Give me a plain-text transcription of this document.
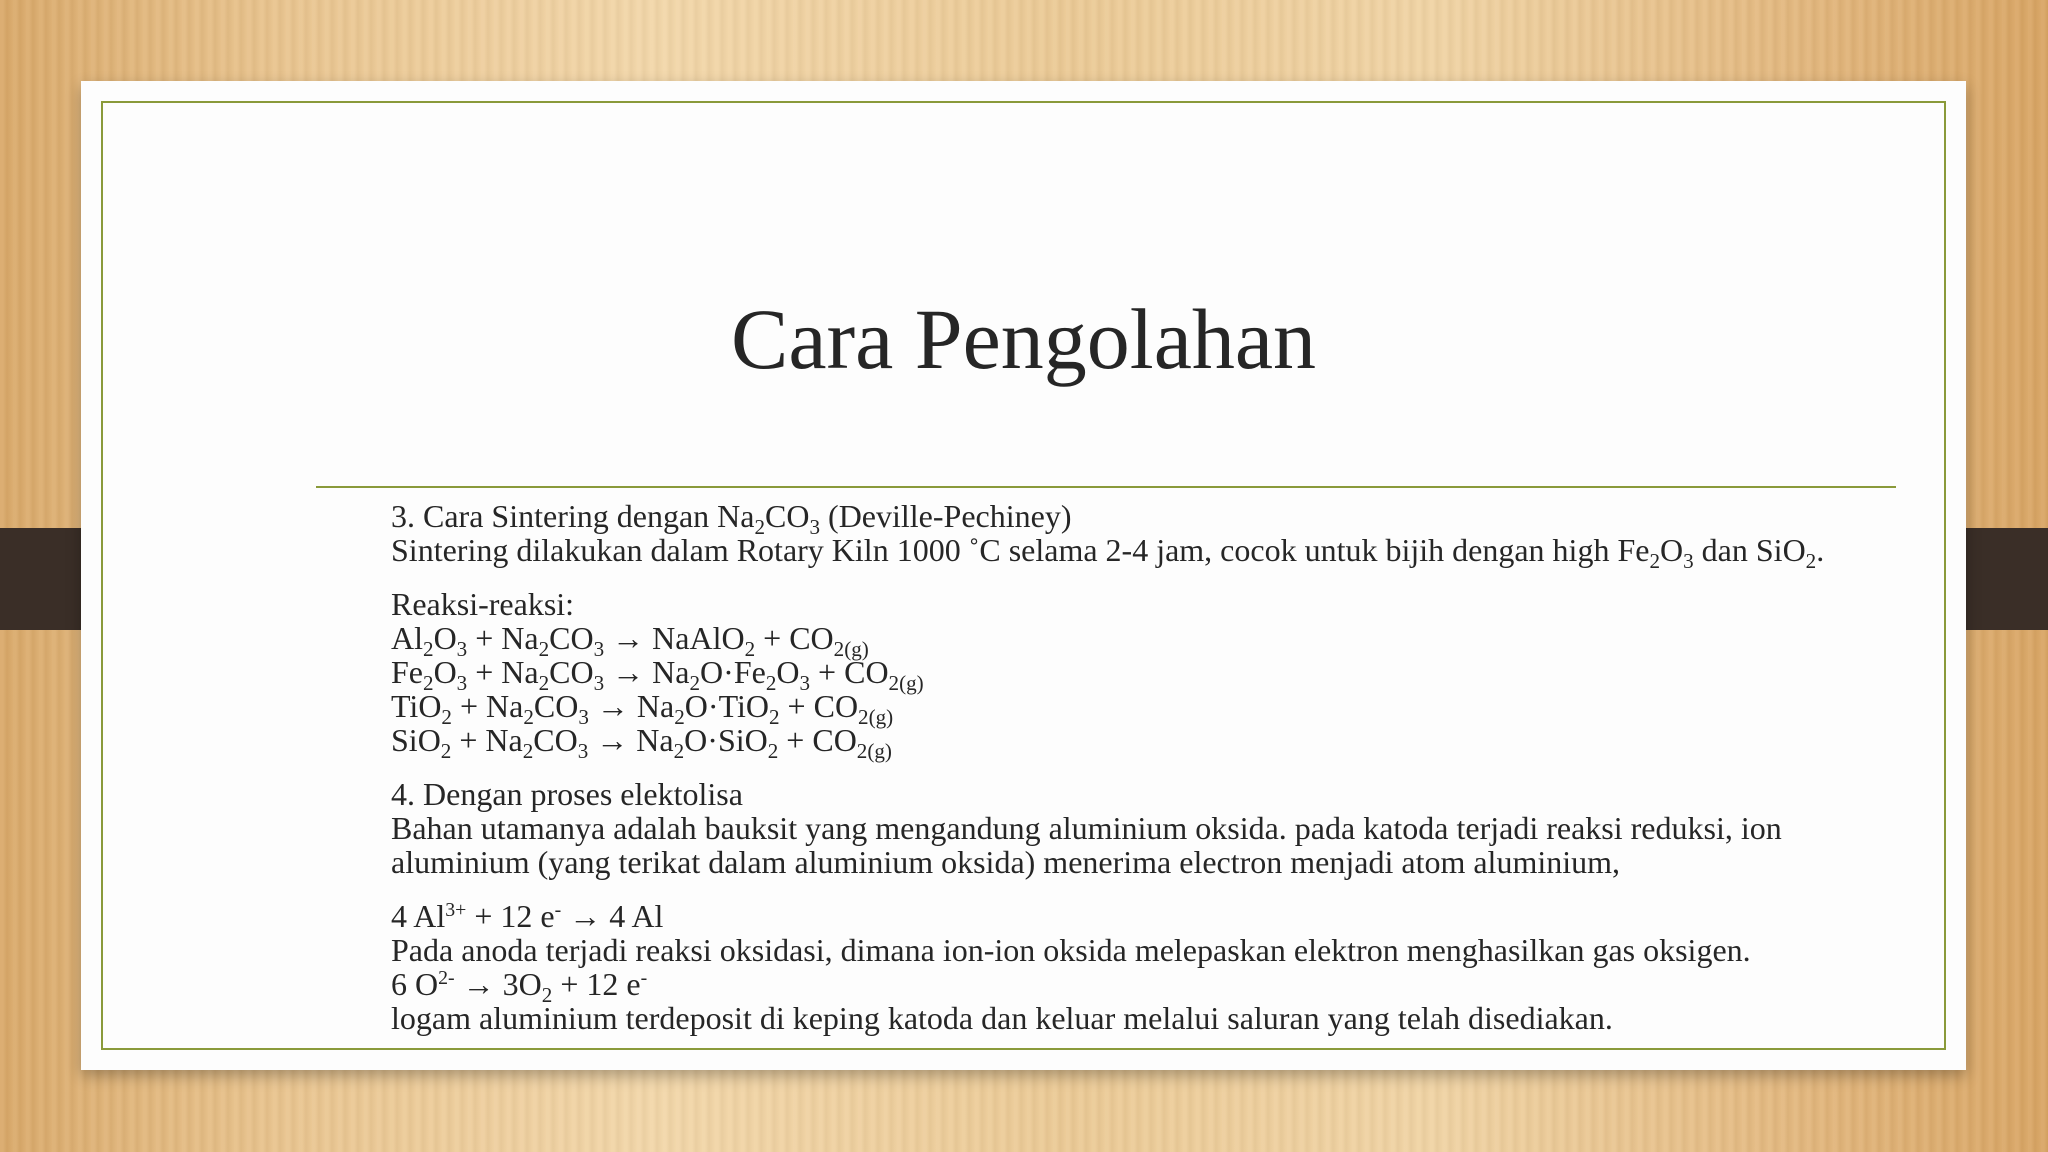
Cara Pengolahan

3. Cara Sintering dengan $Na_2CO_3$ (Deville-Pechiney)

Sintering dilakukan dalam Rotary Kiln 1000 ˚C selama 2-4 jam, cocok untuk bijih dengan high $Fe_2O_3$ dan SiO$_2$.

Reaksi-reaksi:

$Al_2O_3 + Na_2CO_3$ → NaAlO$_2$ + $CO_{2(g)}$

$Fe_2O_3 + Na_2CO_3 \to Na_2O\cdot Fe_2O_3 + CO_{2(g)}$

$TiO_2 + Na_2CO_3 \to Na_2O\cdot TiO_2 + CO_{2(g)}$

$SiO_2 + Na_2CO_3 \to Na_2O\cdot SiO_2 + CO_{2(g)}$

4. Dengan proses elektolisa

Bahan utamanya adalah bauksit yang mengandung aluminium oksida. pada katoda terjadi reaksi reduksi, ion aluminium (yang terikat dalam aluminium oksida) menerima electron menjadi atom aluminium,

4 $Al^{3+} + 12$ e- → 4 Al

Pada anoda terjadi reaksi oksidasi, dimana ion-ion oksida melepaskan elektron menghasilkan gas oksigen.

6 $O^{2-} \to 3O_2 + 12$ e-

logam aluminium terdeposit di keping katoda dan keluar melalui saluran yang telah disediakan.
